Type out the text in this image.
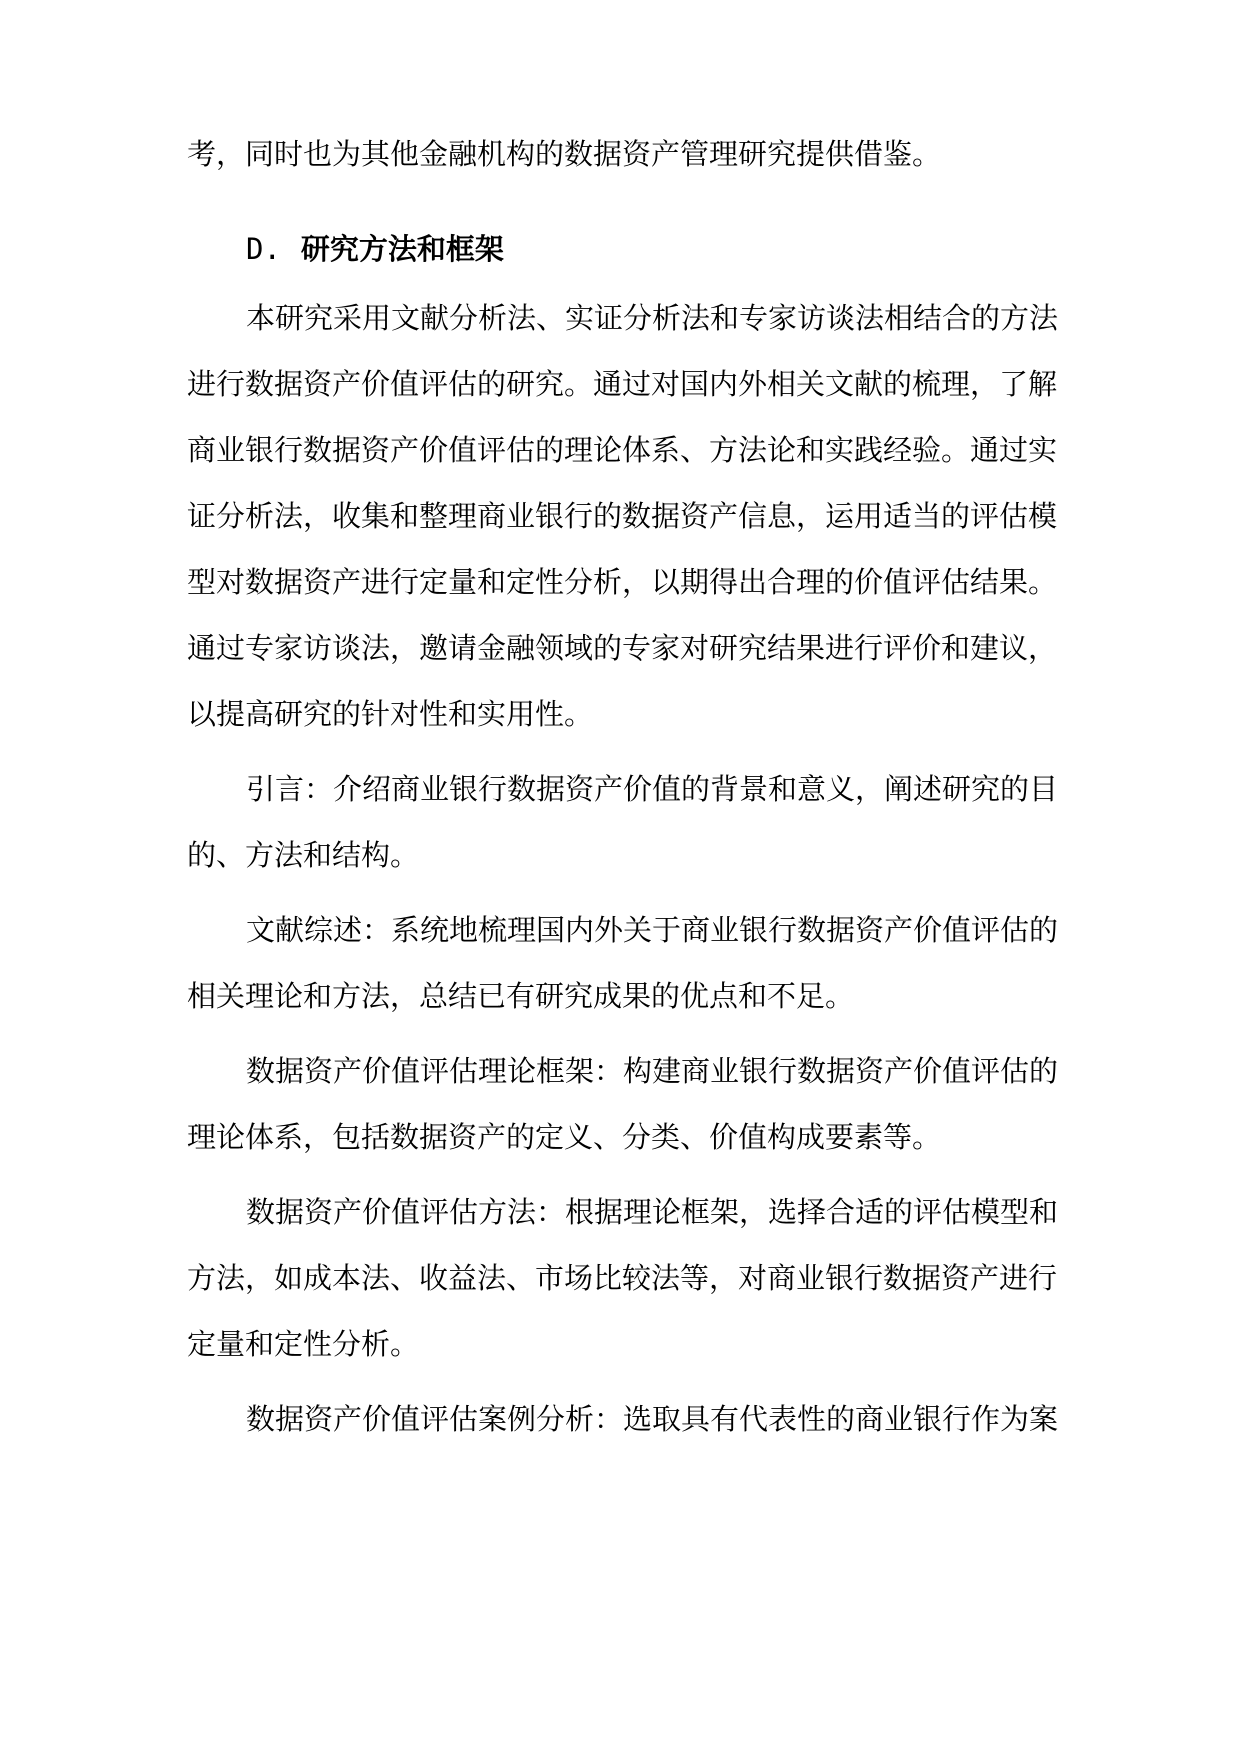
考，同时也为其他金融机构的数据资产管理研究提供借鉴。
D. 研究方法和框架
本研究采用文献分析法、实证分析法和专家访谈法相结合的方法
进行数据资产价值评估的研究。通过对国内外相关文献的梳理，了解
商业银行数据资产价值评估的理论体系、方法论和实践经验。通过实
证分析法，收集和整理商业银行的数据资产信息，运用适当的评估模
型对数据资产进行定量和定性分析，以期得出合理的价值评估结果。
通过专家访谈法，邀请金融领域的专家对研究结果进行评价和建议，
以提高研究的针对性和实用性。
引言：介绍商业银行数据资产价值的背景和意义，阐述研究的目
的、方法和结构。
文献综述：系统地梳理国内外关于商业银行数据资产价值评估的
相关理论和方法，总结已有研究成果的优点和不足。
数据资产价值评估理论框架：构建商业银行数据资产价值评估的
理论体系，包括数据资产的定义、分类、价值构成要素等。
数据资产价值评估方法：根据理论框架，选择合适的评估模型和
方法，如成本法、收益法、市场比较法等，对商业银行数据资产进行
定量和定性分析。
数据资产价值评估案例分析：选取具有代表性的商业银行作为案
